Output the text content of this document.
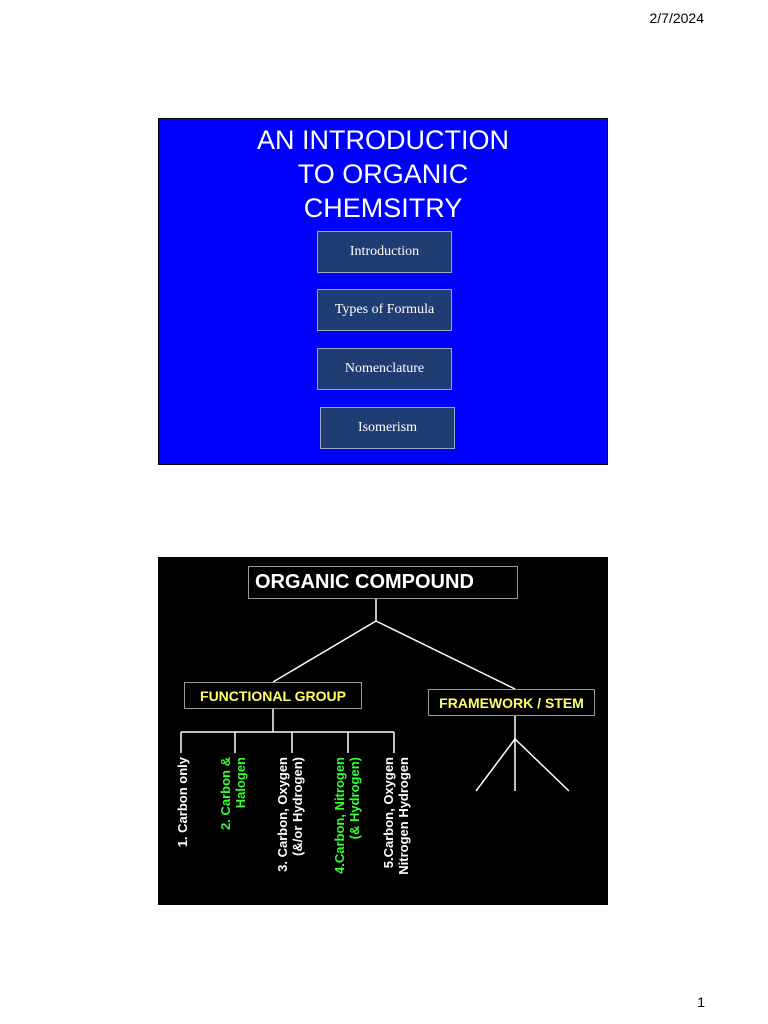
2/7/2024
AN INTRODUCTION
TO ORGANIC
CHEMSITRY
Introduction
Types of Formula
Nomenclature
Isomerism
ORGANIC COMPOUND
FUNCTIONAL GROUP	FRAMEWORK / STEM
1. Carbon only 2. Carbon & Halogen 3. Carbon, Oxygen (&/or Hydrogen) 4.Carbon, Nitrogen (& Hydrogen) 5.Carbon, Oxygen Nitrogen Hydrogen
1
